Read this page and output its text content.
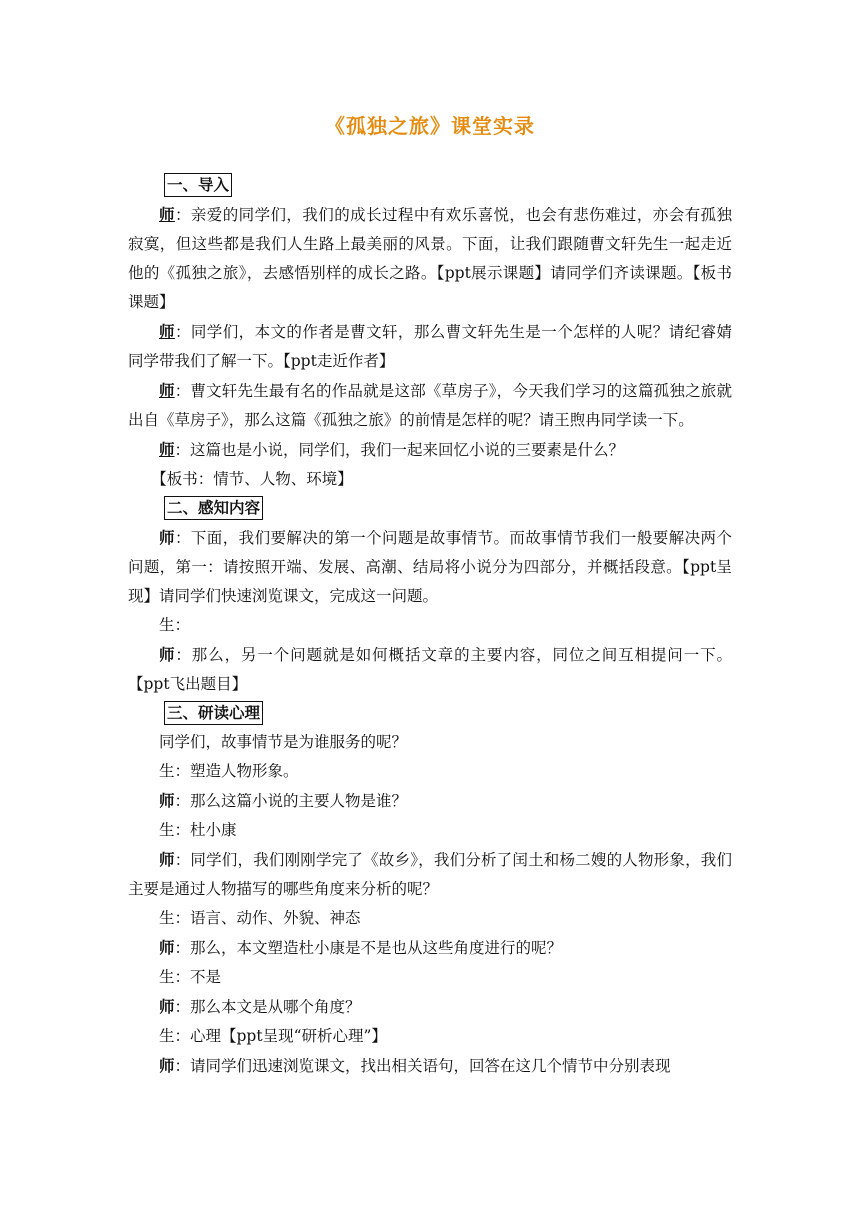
《孤独之旅》课堂实录
一、导入

师：亲爱的同学们，我们的成长过程中有欢乐喜悦，也会有悲伤难过，亦会有孤独寂寞，但这些都是我们人生路上最美丽的风景。下面，让我们跟随曹文轩先生一起走近他的《孤独之旅》，去感悟别样的成长之路。【ppt展示课题】请同学们齐读课题。【板书课题】

师：同学们，本文的作者是曹文轩，那么曹文轩先生是一个怎样的人呢？请纪睿婧同学带我们了解一下。【ppt走近作者】

师：曹文轩先生最有名的作品就是这部《草房子》，今天我们学习的这篇孤独之旅就出自《草房子》，那么这篇《孤独之旅》的前情是怎样的呢？请王煦冉同学读一下。

师：这篇也是小说，同学们，我们一起来回忆小说的三要素是什么？

【板书：情节、人物、环境】

二、感知内容

师：下面，我们要解决的第一个问题是故事情节。而故事情节我们一般要解决两个问题，第一：请按照开端、发展、高潮、结局将小说分为四部分，并概括段意。【ppt呈现】请同学们快速浏览课文，完成这一问题。

生：

师：那么，另一个问题就是如何概括文章的主要内容，同位之间互相提问一下。【ppt飞出题目】

三、研读心理

同学们，故事情节是为谁服务的呢？

生：塑造人物形象。

师：那么这篇小说的主要人物是谁？

生：杜小康

师：同学们，我们刚刚学完了《故乡》，我们分析了闰土和杨二嫂的人物形象，我们主要是通过人物描写的哪些角度来分析的呢？

生：语言、动作、外貌、神态

师：那么，本文塑造杜小康是不是也从这些角度进行的呢？

生：不是

师：那么本文是从哪个角度？

生：心理【ppt呈现“研析心理”】

师：请同学们迅速浏览课文，找出相关语句，回答在这几个情节中分别表现
